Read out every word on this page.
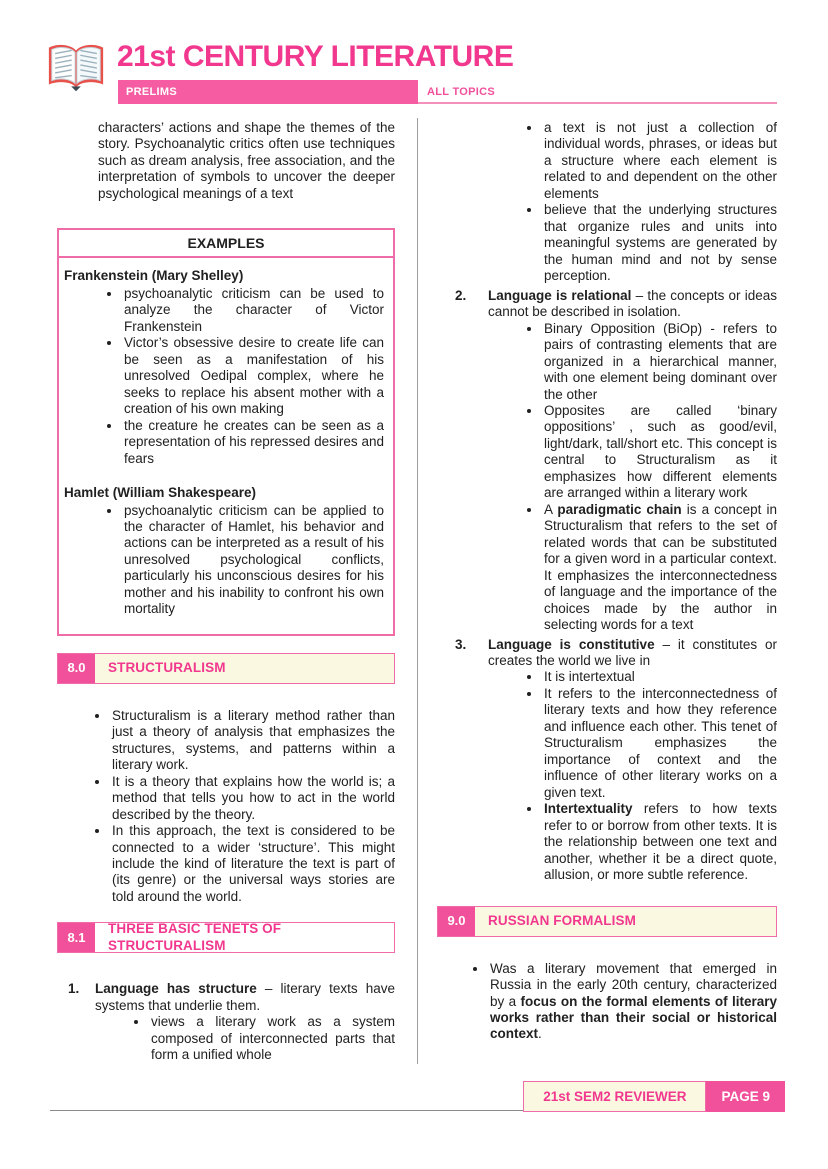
21st CENTURY LITERATURE
PRELIMS	ALL TOPICS

characters’ actions and shape the themes of the story. Psychoanalytic critics often use techniques such as dream analysis, free association, and the interpretation of symbols to uncover the deeper psychological meanings of a text

EXAMPLES
Frankenstein (Mary Shelley)
• psychoanalytic criticism can be used to analyze the character of Victor Frankenstein
• Victor’s obsessive desire to create life can be seen as a manifestation of his unresolved Oedipal complex, where he seeks to replace his absent mother with a creation of his own making
• the creature he creates can be seen as a representation of his repressed desires and fears
Hamlet (William Shakespeare)
• psychoanalytic criticism can be applied to the character of Hamlet, his behavior and actions can be interpreted as a result of his unresolved psychological conflicts, particularly his unconscious desires for his mother and his inability to confront his own mortality
8.0	STRUCTURALISM
• Structuralism is a literary method rather than just a theory of analysis that emphasizes the structures, systems, and patterns within a literary work.
• It is a theory that explains how the world is; a method that tells you how to act in the world described by the theory.
• In this approach, the text is considered to be connected to a wider ‘structure’. This might include the kind of literature the text is part of (its genre) or the universal ways stories are told around the world.
8.1
THREE BASIC TENETS OF STRUCTURALISM
1.	Language has structure – literary texts have systems that underlie them.
• views a literary work as a system composed of interconnected parts that form a unified whole
• a text is not just a collection of individual words, phrases, or ideas but a structure where each element is related to and dependent on the other elements
• believe that the underlying structures that organize rules and units into meaningful systems are generated by the human mind and not by sense perception.
2.	Language is relational – the concepts or ideas cannot be described in isolation.
• Binary Opposition (BiOp) - refers to pairs of contrasting elements that are organized in a hierarchical manner, with one element being dominant over the other
• Opposites are called ‘binary oppositions’ , such as good/evil, light/dark, tall/short etc. This concept is central to Structuralism as it emphasizes how different elements are arranged within a literary work
• A paradigmatic chain is a concept in Structuralism that refers to the set of related words that can be substituted for a given word in a particular context. It emphasizes the interconnectedness of language and the importance of the choices made by the author in selecting words for a text
3.	Language is constitutive – it constitutes or creates the world we live in
• It is intertextual
• It refers to the interconnectedness of literary texts and how they reference and influence each other. This tenet of Structuralism emphasizes the importance of context and the influence of other literary works on a given text.
• Intertextuality refers to how texts refer to or borrow from other texts. It is the relationship between one text and another, whether it be a direct quote, allusion, or more subtle reference.
9.0	RUSSIAN FORMALISM
• Was a literary movement that emerged in Russia in the early 20th century, characterized by a focus on the formal elements of literary works rather than their social or historical context.
21st SEM2 REVIEWER	PAGE 9
